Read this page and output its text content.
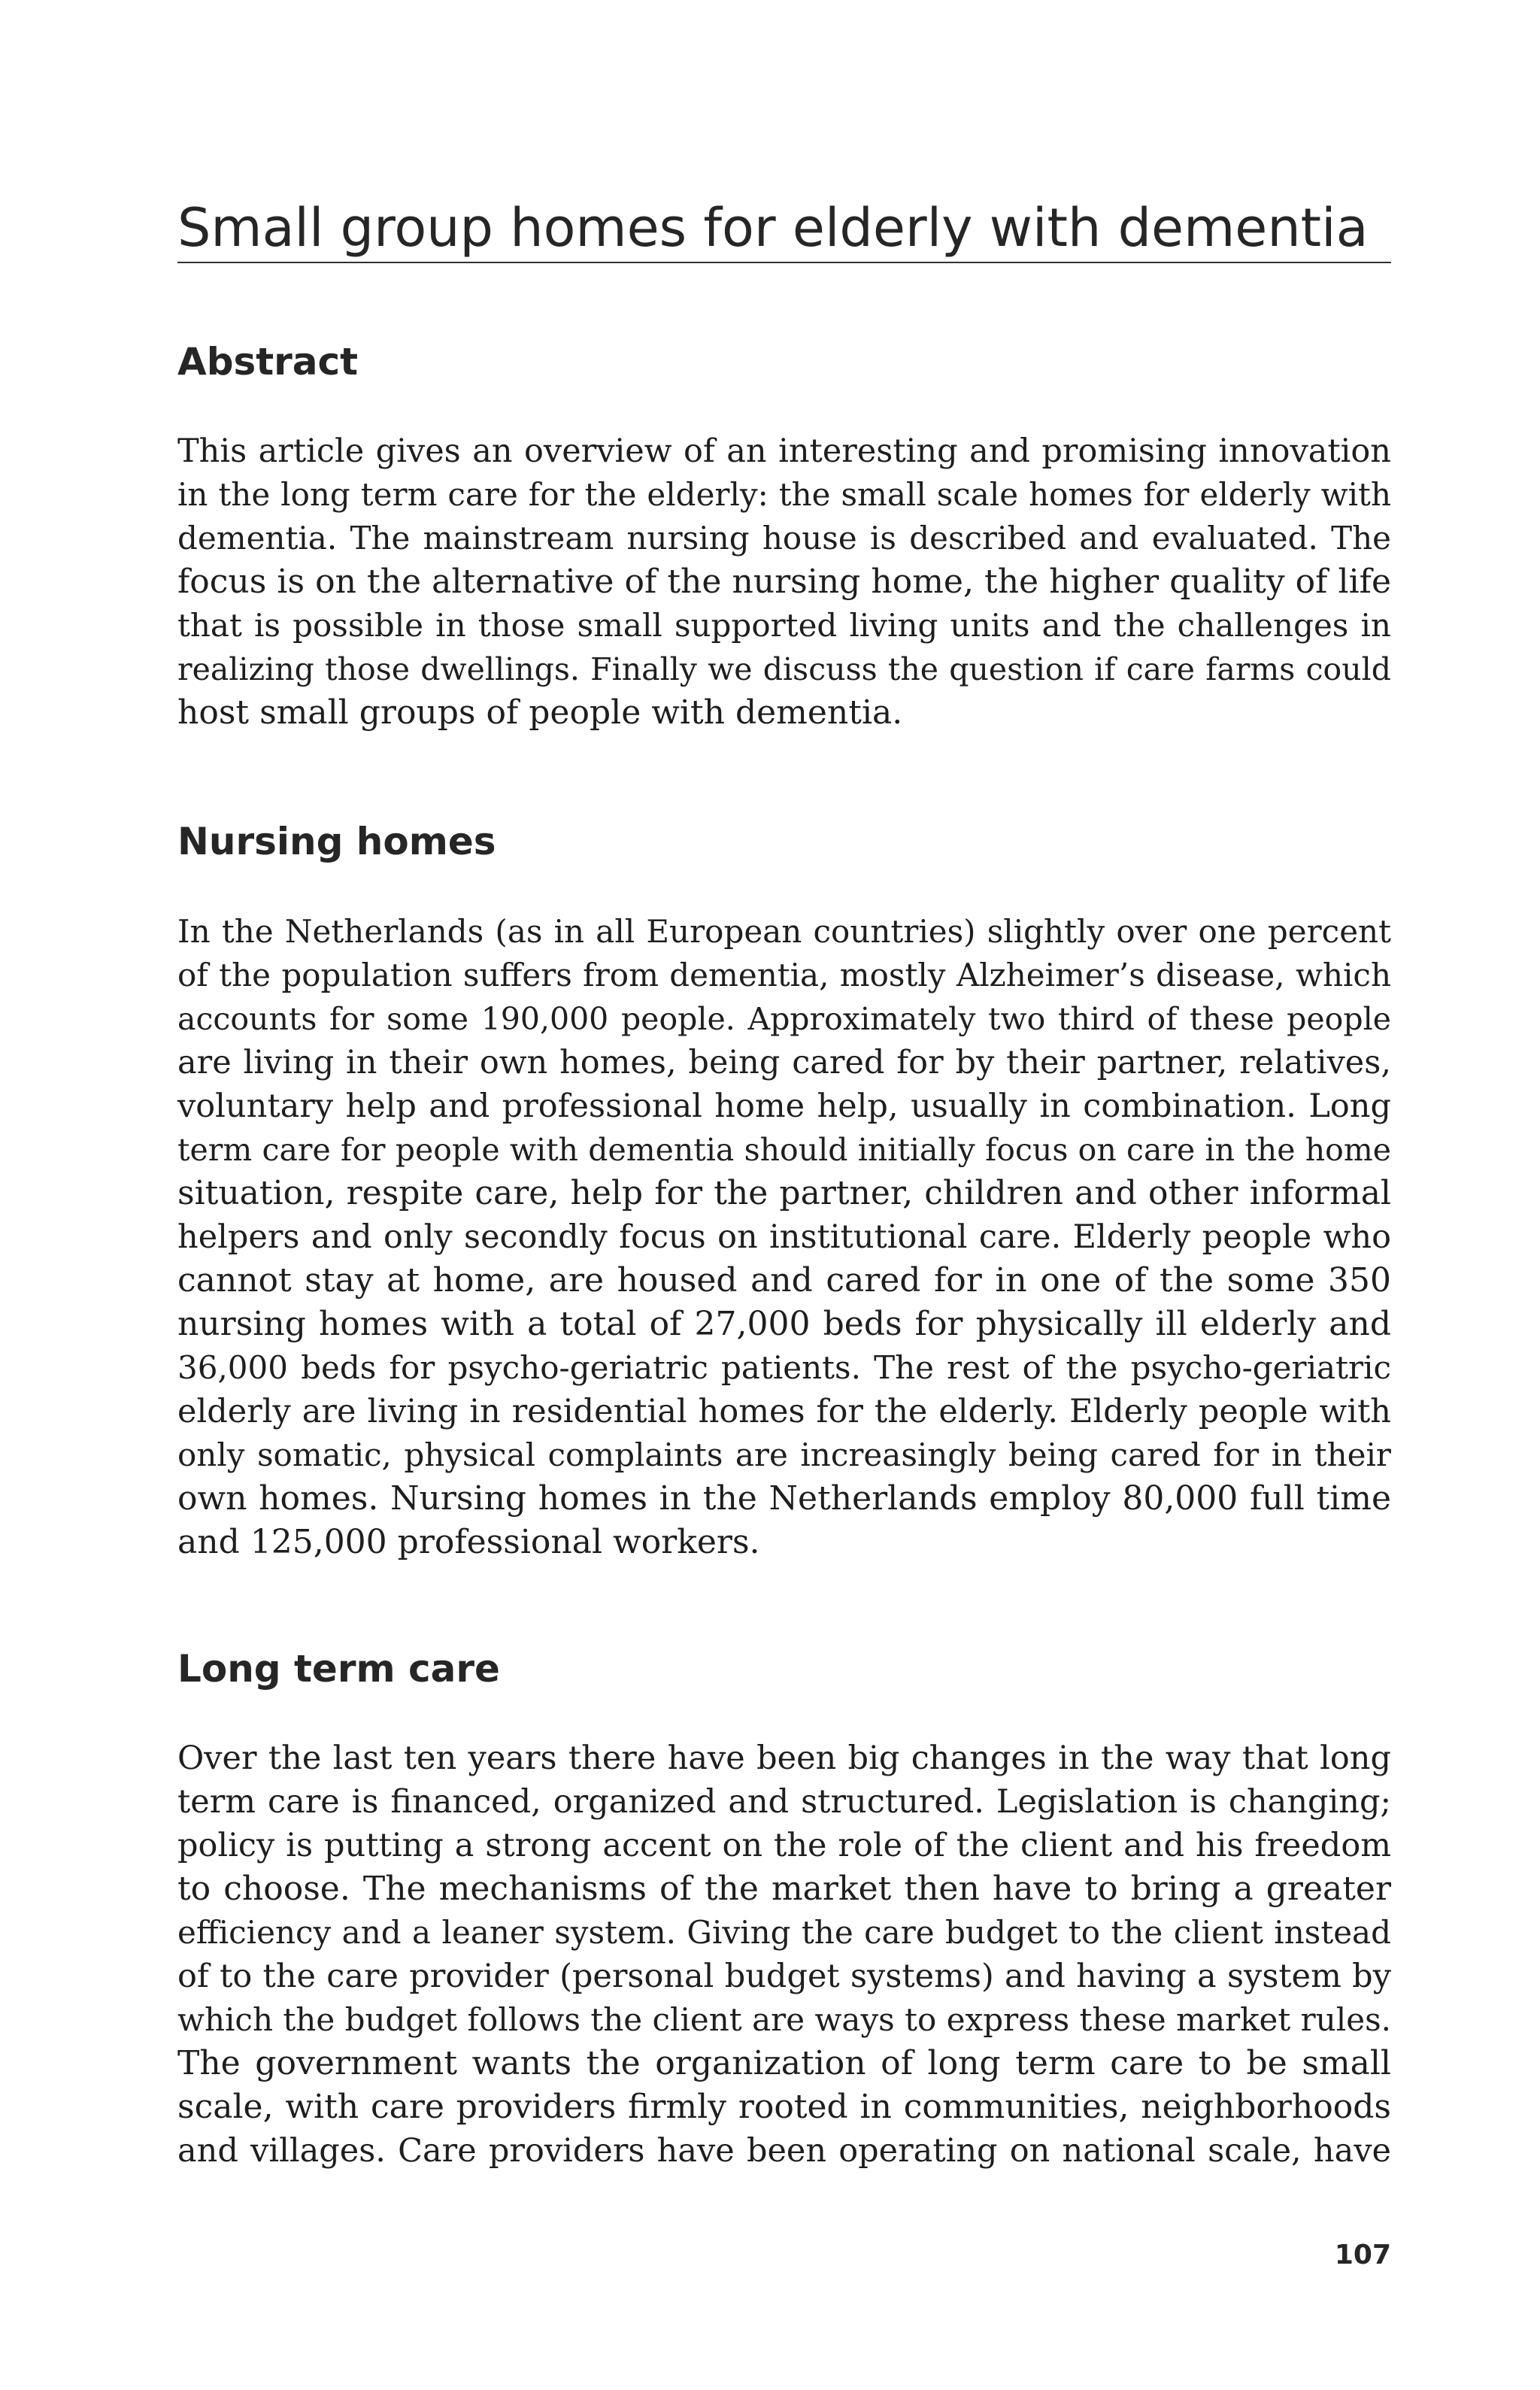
Small group homes for elderly with dementia
Abstract
This article gives an overview of an interesting and promising innovation
in the long term care for the elderly: the small scale homes for elderly with
dementia. The mainstream nursing house is described and evaluated. The
focus is on the alternative of the nursing home, the higher quality of life
that is possible in those small supported living units and the challenges in
realizing those dwellings. Finally we discuss the question if care farms could
host small groups of people with dementia.
Nursing homes
In the Netherlands (as in all European countries) slightly over one percent
of the population suffers from dementia, mostly Alzheimer’s disease, which
accounts for some 190,000 people. Approximately two third of these people
are living in their own homes, being cared for by their partner, relatives,
voluntary help and professional home help, usually in combination. Long
term care for people with dementia should initially focus on care in the home
situation, respite care, help for the partner, children and other informal
helpers and only secondly focus on institutional care. Elderly people who
cannot stay at home, are housed and cared for in one of the some 350
nursing homes with a total of 27,000 beds for physically ill elderly and
36,000 beds for psycho-geriatric patients. The rest of the psycho-geriatric
elderly are living in residential homes for the elderly. Elderly people with
only somatic, physical complaints are increasingly being cared for in their
own homes. Nursing homes in the Netherlands employ 80,000 full time
and 125,000 professional workers.
Long term care
Over the last ten years there have been big changes in the way that long
term care is financed, organized and structured. Legislation is changing;
policy is putting a strong accent on the role of the client and his freedom
to choose. The mechanisms of the market then have to bring a greater
efficiency and a leaner system. Giving the care budget to the client instead
of to the care provider (personal budget systems) and having a system by
which the budget follows the client are ways to express these market rules.
The government wants the organization of long term care to be small
scale, with care providers firmly rooted in communities, neighborhoods
and villages. Care providers have been operating on national scale, have
107
